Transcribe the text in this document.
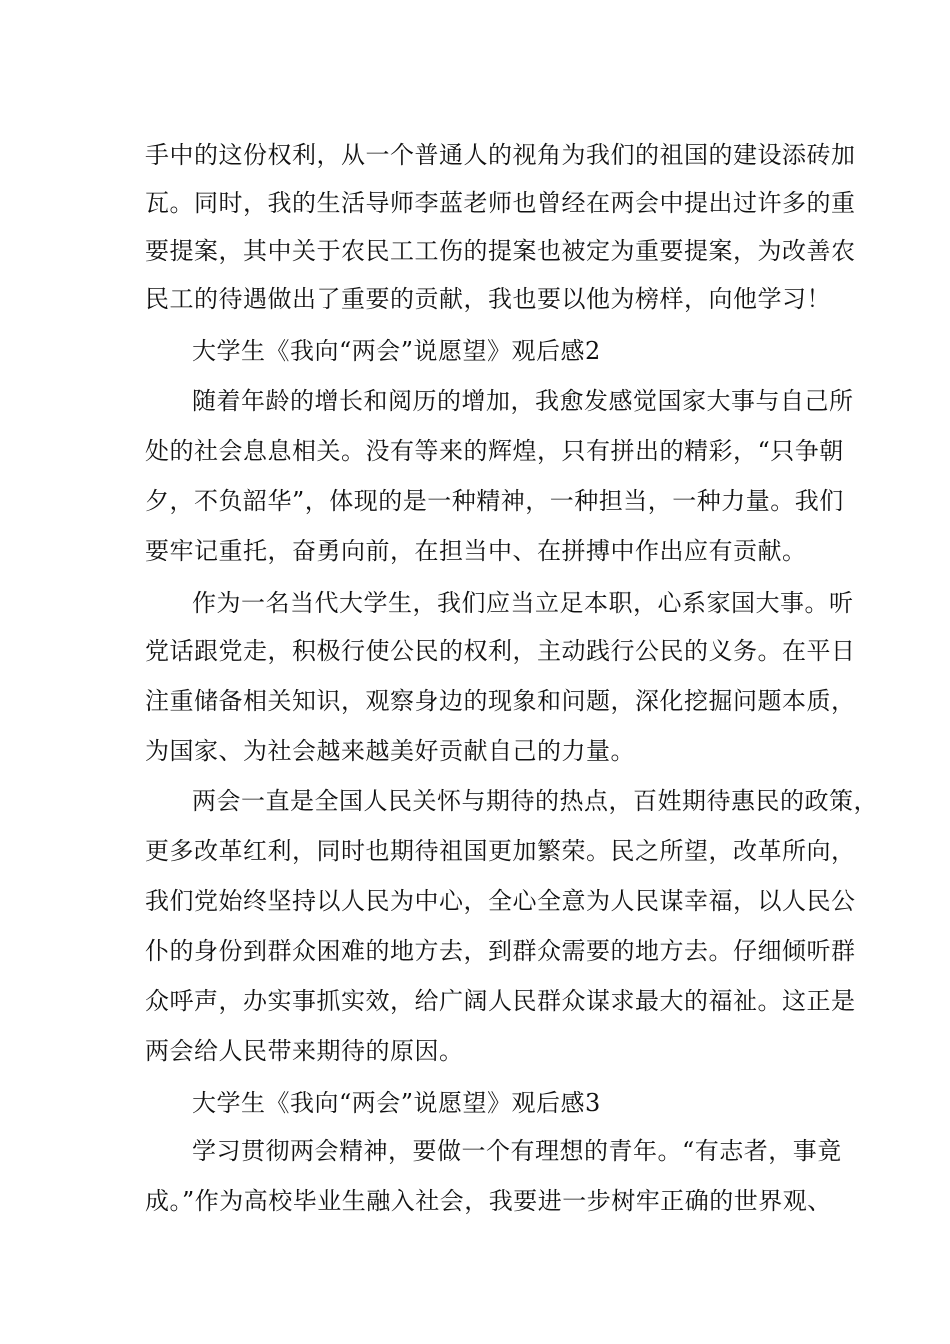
手中的这份权利，从一个普通人的视角为我们的祖国的建设添砖加
瓦。同时，我的生活导师李蓝老师也曾经在两会中提出过许多的重
要提案，其中关于农民工工伤的提案也被定为重要提案，为改善农
民工的待遇做出了重要的贡献，我也要以他为榜样，向他学习！
大学生《我向“两会”说愿望》观后感2
随着年龄的增长和阅历的增加，我愈发感觉国家大事与自己所
处的社会息息相关。没有等来的辉煌，只有拼出的精彩，“只争朝
夕，不负韶华”，体现的是一种精神，一种担当，一种力量。我们
要牢记重托，奋勇向前，在担当中、在拼搏中作出应有贡献。
作为一名当代大学生，我们应当立足本职，心系家国大事。听
党话跟党走，积极行使公民的权利，主动践行公民的义务。在平日
注重储备相关知识，观察身边的现象和问题，深化挖掘问题本质，
为国家、为社会越来越美好贡献自己的力量。
两会一直是全国人民关怀与期待的热点，百姓期待惠民的政策，
更多改革红利，同时也期待祖国更加繁荣。民之所望，改革所向，
我们党始终坚持以人民为中心，全心全意为人民谋幸福，以人民公
仆的身份到群众困难的地方去，到群众需要的地方去。仔细倾听群
众呼声，办实事抓实效，给广阔人民群众谋求最大的福祉。这正是
两会给人民带来期待的原因。
大学生《我向“两会”说愿望》观后感3
学习贯彻两会精神，要做一个有理想的青年。“有志者，事竟
成。”作为高校毕业生融入社会，我要进一步树牢正确的世界观、
